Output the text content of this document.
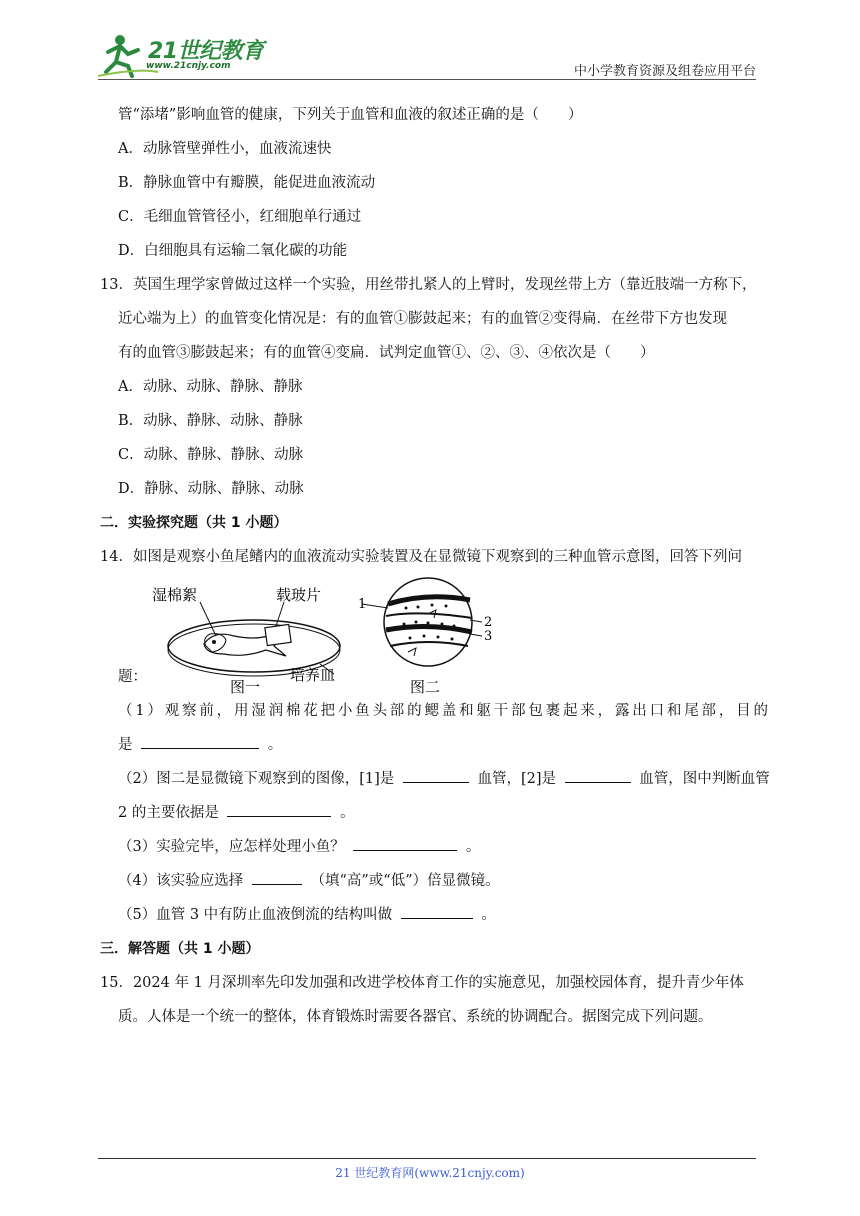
21世纪教育
www.21cnjy.com	中小学教育资源及组卷应用平台
管“添堵”影响血管的健康，下列关于血管和血液的叙述正确的是（　　）
A．动脉管壁弹性小，血液流速快
B．静脉血管中有瓣膜，能促进血液流动
C．毛细血管管径小，红细胞单行通过
D．白细胞具有运输二氧化碳的功能
13．英国生理学家曾做过这样一个实验，用丝带扎紧人的上臂时，发现丝带上方（靠近肢端一方称下，
近心端为上）的血管变化情况是：有的血管①膨鼓起来；有的血管②变得扁．在丝带下方也发现
有的血管③膨鼓起来；有的血管④变扁．试判定血管①、②、③、④依次是（　　）
A．动脉、动脉、静脉、静脉
B．动脉、静脉、动脉、静脉
C．动脉、静脉、静脉、动脉
D．静脉、动脉、静脉、动脉
二．实验探究题（共 1 小题）
14．如图是观察小鱼尾鳍内的血液流动实验装置及在显微镜下观察到的三种血管示意图，回答下列问
湿棉絮	载玻片
培养皿
图一
1
2
3
图二
题：
（1）观察前，用湿润棉花把小鱼头部的鳃盖和躯干部包裹起来，露出口和尾部，目的
是	。
（2）图二是显微镜下观察到的图像，[1]是	血管，[2]是	血管，图中判断血管
2 的主要依据是	。
（3）实验完毕，应怎样处理小鱼？	。
（4）该实验应选择	（填“高”或“低”）倍显微镜。
（5）血管 3 中有防止血液倒流的结构叫做	。
三．解答题（共 1 小题）
15．2024 年 1 月深圳率先印发加强和改进学校体育工作的实施意见，加强校园体育，提升青少年体
质。人体是一个统一的整体，体育锻炼时需要各器官、系统的协调配合。据图完成下列问题。
21 世纪教育网(www.21cnjy.com)
